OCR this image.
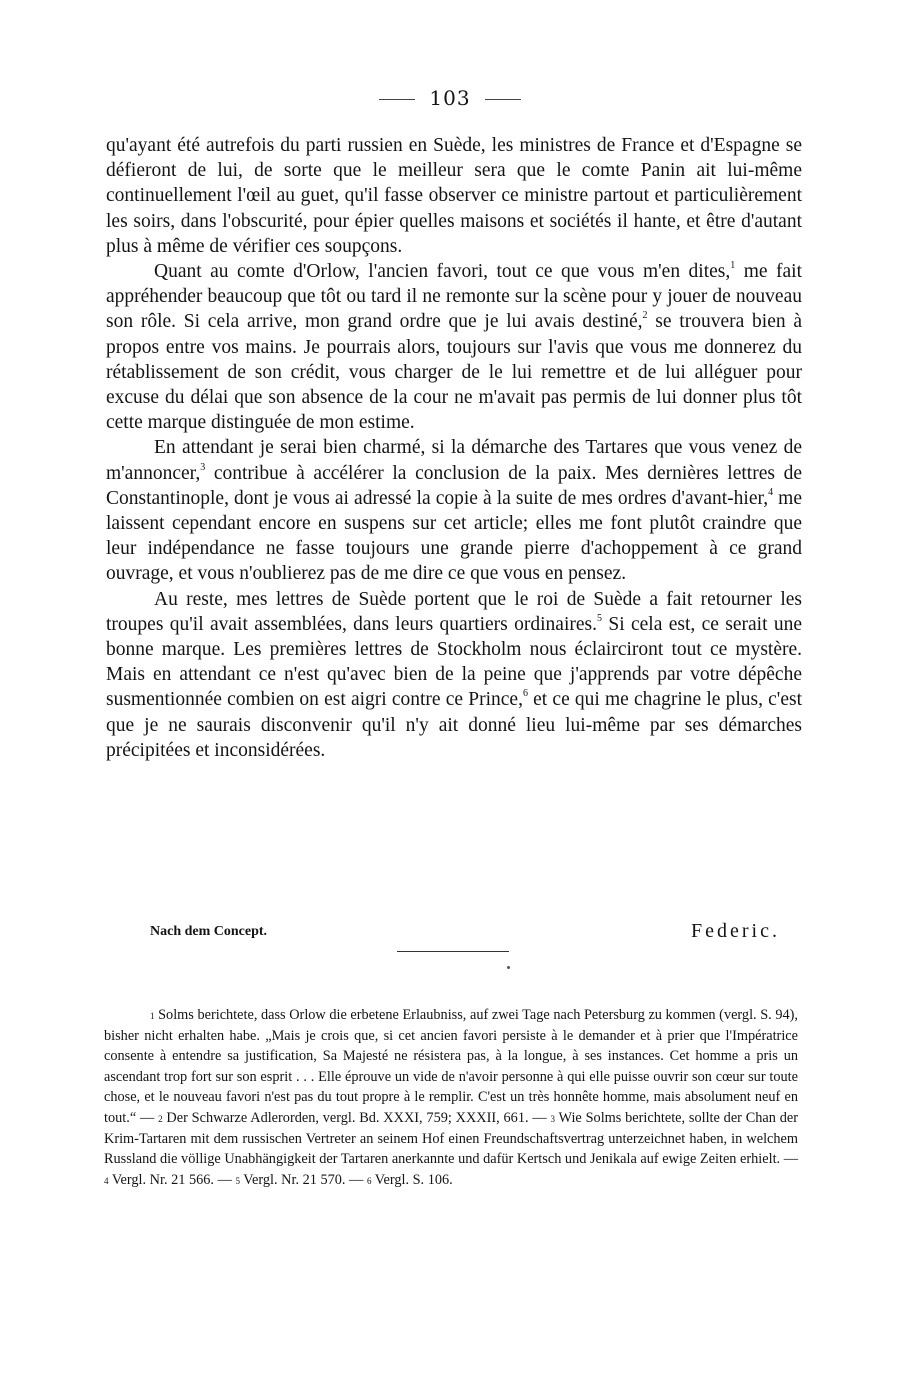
103

qu'ayant été autrefois du parti russien en Suède, les ministres de France et d'Espagne se défieront de lui, de sorte que le meilleur sera que le comte Panin ait lui-même continuellement l'œil au guet, qu'il fasse observer ce ministre partout et particulièrement les soirs, dans l'obscurité, pour épier quelles maisons et sociétés il hante, et être d'autant plus à même de vérifier ces soupçons.

Quant au comte d'Orlow, l'ancien favori, tout ce que vous m'en dites,$^1$ me fait appréhender beaucoup que tôt ou tard il ne remonte sur la scène pour y jouer de nouveau son rôle. Si cela arrive, mon grand ordre que je lui avais destiné,$^2$ se trouvera bien à propos entre vos mains. Je pourrais alors, toujours sur l'avis que vous me donnerez du rétablissement de son crédit, vous charger de le lui remettre et de lui alléguer pour excuse du délai que son absence de la cour ne m'avait pas permis de lui donner plus tôt cette marque distinguée de mon estime.

En attendant je serai bien charmé, si la démarche des Tartares que vous venez de m'annoncer,$^3$ contribue à accélérer la conclusion de la paix. Mes dernières lettres de Constantinople, dont je vous ai adressé la copie à la suite de mes ordres d'avant-hier,$^4$ me laissent cependant encore en suspens sur cet article; elles me font plutôt craindre que leur indépendance ne fasse toujours une grande pierre d'achoppement à ce grand ouvrage, et vous n'oublierez pas de me dire ce que vous en pensez.

Au reste, mes lettres de Suède portent que le roi de Suède a fait retourner les troupes qu'il avait assemblées, dans leurs quartiers ordinaires.$^5$ Si cela est, ce serait une bonne marque. Les premières lettres de Stockholm nous éclairciront tout ce mystère. Mais en attendant ce n'est qu'avec bien de la peine que j'apprends par votre dépêche susmentionnée combien on est aigri contre ce Prince,$^6$ et ce qui me chagrine le plus, c'est que je ne saurais disconvenir qu'il n'y ait donné lieu lui-même par ses démarches précipitées et inconsidérées.

Nach dem Concept.	Federic.

$^1$ Solms berichtete, dass Orlow die erbetene Erlaubniss, auf zwei Tage nach Petersburg zu kommen (vergl. S. 94), bisher nicht erhalten habe. „Mais je crois que, si cet ancien favori persiste à le demander et à prier que l'Impératrice consente à entendre sa justification, Sa Majesté ne résistera pas, à la longue, à ses instances. Cet homme a pris un ascendant trop fort sur son esprit . . . Elle éprouve un vide de n'avoir personne à qui elle puisse ouvrir son cœur sur toute chose, et le nouveau favori n'est pas du tout propre à le remplir. C'est un très honnête homme, mais absolument neuf en tout.“ — $^2$ Der Schwarze Adlerorden, vergl. Bd. XXXI, 759; XXXII, 661. — $^3$ Wie Solms berichtete, sollte der Chan der Krim-Tartaren mit dem russischen Vertreter an seinem Hof einen Freundschaftsvertrag unterzeichnet haben, in welchem Russland die völlige Unabhängigkeit der Tartaren anerkannte und dafür Kertsch und Jenikala auf ewige Zeiten erhielt. — $^4$ Vergl. Nr. 21 566. — $^5$ Vergl. Nr. 21 570. — $^6$ Vergl. S. 106.
